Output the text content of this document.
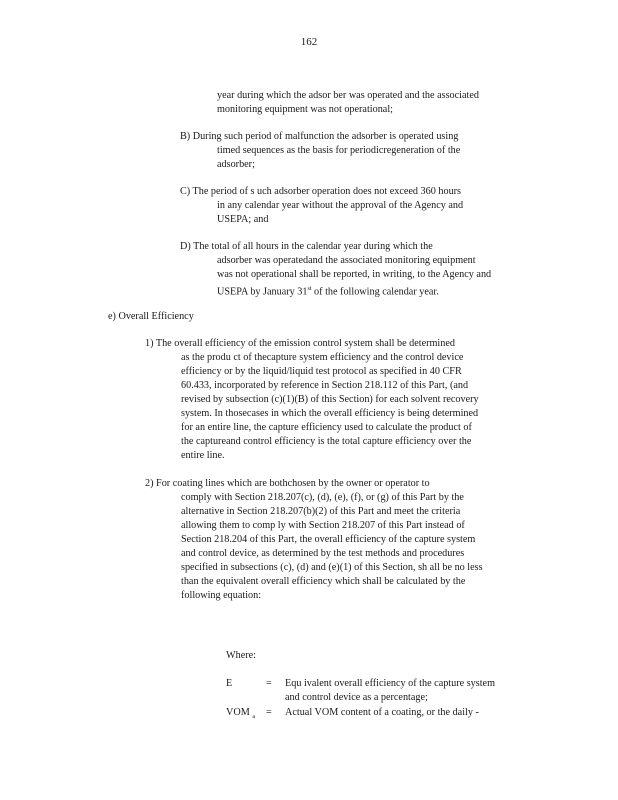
162
year during which the adsor ber was operated and the associated
monitoring equipment was not operational;
B) During such period of malfunction the adsorber is operated using
timed sequences as the basis for periodicregeneration of the
adsorber;
C) The period of s uch adsorber operation does not exceed 360 hours
in any calendar year without the approval of the Agency and
USEPA; and
D) The total of all hours in the calendar year during which the
adsorber was operatedand the associated monitoring equipment
was not operational shall be reported, in writing, to the Agency and
USEPA by January 31st of the following calendar year.
e) Overall Efficiency
1) The overall efficiency of the emission control system shall be determined
as the produ ct of thecapture system efficiency and the control device
efficiency or by the liquid/liquid test protocol as specified in 40 CFR
60.433, incorporated by reference in Section 218.112 of this Part, (and
revised by subsection (c)(1)(B) of this Section) for each solvent recovery
system. In thosecases in which the overall efficiency is being determined
for an entire line, the capture efficiency used to calculate the product of
the captureand control efficiency is the total capture efficiency over the
entire line.
2) For coating lines which are bothchosen by the owner or operator to
comply with Section 218.207(c), (d), (e), (f), or (g) of this Part by the
alternative in Section 218.207(b)(2) of this Part and meet the criteria
allowing them to comp ly with Section 218.207 of this Part instead of
Section 218.204 of this Part, the overall efficiency of the capture system
and control device, as determined by the test methods and procedures
specified in subsections (c), (d) and (e)(1) of this Section, sh all be no less
than the equivalent overall efficiency which shall be calculated by the
following equation:
Where:
E	= Equ ivalent overall efficiency of the capture system
and control device as a percentage;
VOM $_a$ = Actual VOM content of a coating, or the daily -
